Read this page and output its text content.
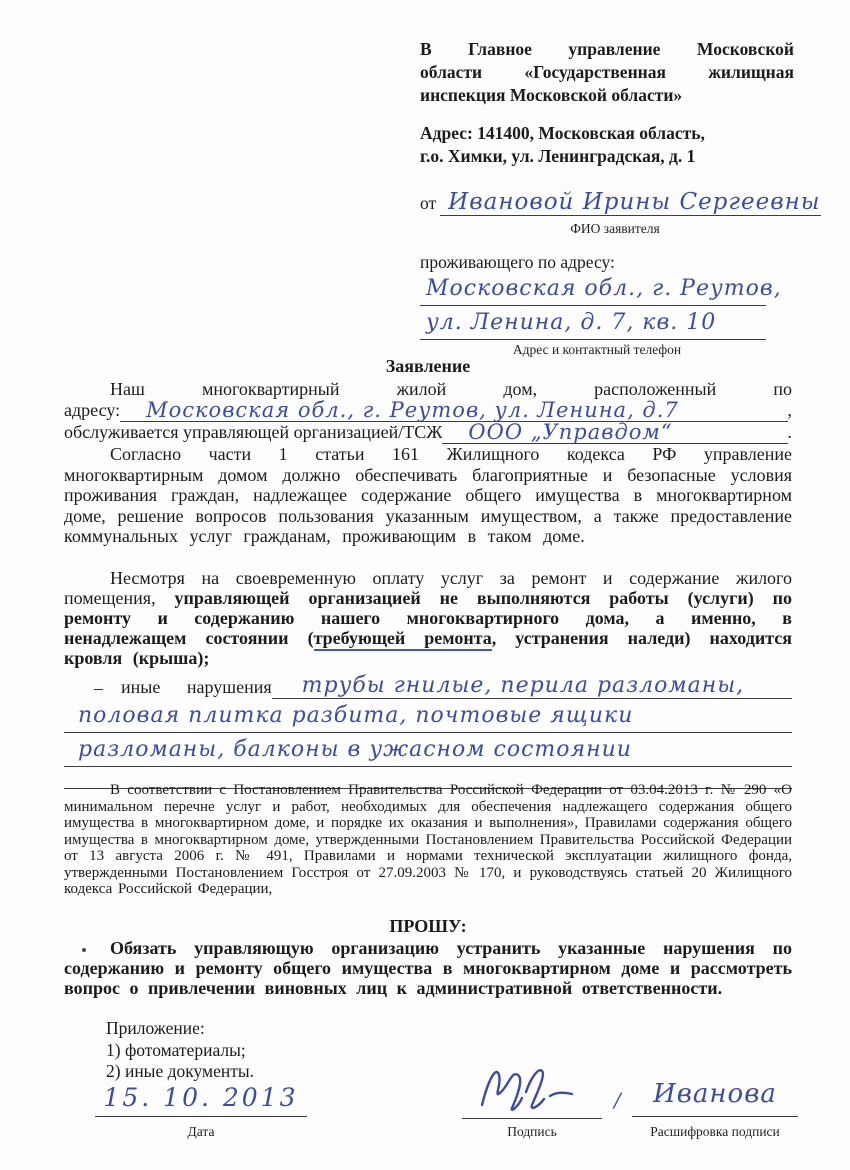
В Главное управление Московской
области «Государственная жилищная
инспекция Московской области»
Адрес: 141400, Московская область,
г.о. Химки, ул. Ленинградская, д. 1
от Ивановой Ирины Сергеевны
ФИО заявителя
проживающего по адресу:
Московская обл., г. Реутов,
ул. Ленина, д. 7, кв. 10
Адрес и контактный телефон
Заявление
Наш многоквартирный жилой дом, расположенный по
адресу:	Московская обл., г. Реутов, ул. Ленина, д.7	,
обслуживается управляющей организацией/ТСЖ	ООО „Управдом“	.

Согласно части 1 статьи 161 Жилищного кодекса РФ управление многоквартирным домом должно обеспечивать благоприятные и безопасные условия проживания граждан, надлежащее содержание общего имущества в многоквартирном доме, решение вопросов пользования указанным имуществом, а также предоставление коммунальных услуг гражданам, проживающим в таком доме.

Несмотря на своевременную оплату услуг за ремонт и содержание жилого помещения, управляющей организацией не выполняются работы (услуги) по ремонту и содержанию нашего многоквартирного дома, а именно, в ненадлежащем состоянии (требующей ремонта, устранения наледи) находится кровля (крыша);

– иные нарушения	трубы гнилые, перила разломаны,
половая плитка разбита, почтовые ящики
разломаны, балконы в ужасном состоянии

В соответствии с Постановлением Правительства Российской Федерации от 03.04.2013 г. № 290 «О минимальном перечне услуг и работ, необходимых для обеспечения надлежащего содержания общего имущества в многоквартирном доме, и порядке их оказания и выполнения», Правилами содержания общего имущества в многоквартирном доме, утвержденными Постановлением Правительства Российской Федерации от 13 августа 2006 г. № 491, Правилами и нормами технической эксплуатации жилищного фонда, утвержденными Постановлением Госстроя от 27.09.2003 № 170, и руководствуясь статьей 20 Жилищного кодекса Российской Федерации,

ПРОШУ:

Обязать управляющую организацию устранить указанные нарушения по содержанию и ремонту общего имущества в многоквартирном доме и рассмотреть вопрос о привлечении виновных лиц к административной ответственности.

Приложение:
1) фотоматериалы;
2) иные документы.
15. 10. 2013
Дата	Подпись
/	Иванова
Расшифровка подписи
